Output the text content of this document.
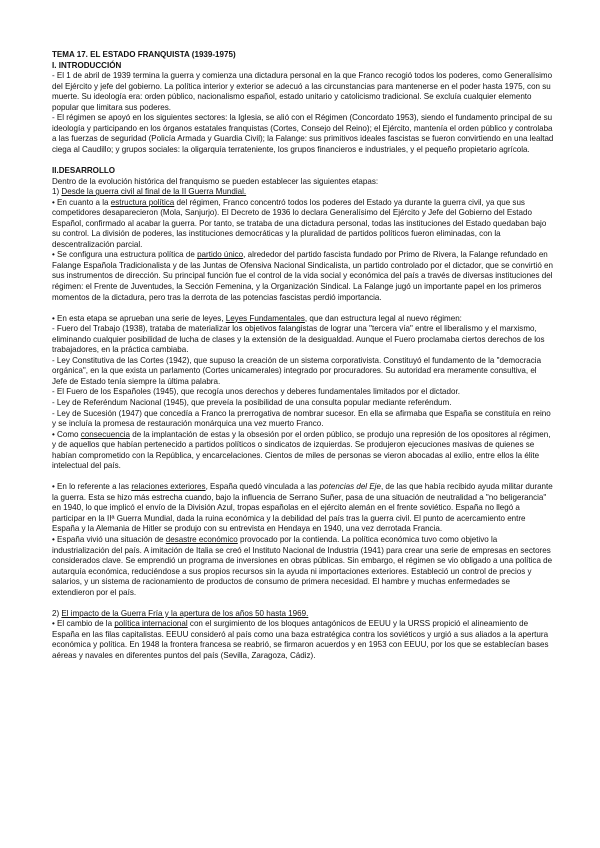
TEMA 17. EL ESTADO FRANQUISTA (1939-1975)

I. INTRODUCCIÓN

- El 1 de abril de 1939 termina la guerra y comienza una dictadura personal en la que Franco recogió todos los poderes, como Generalísimo del Ejército y jefe del gobierno. La política interior y exterior se adecuó a las circunstancias para mantenerse en el poder hasta 1975, con su muerte. Su ideología era: orden público, nacionalismo español, estado unitario y catolicismo tradicional. Se excluía cualquier elemento popular que limitara sus poderes.

- El régimen se apoyó en los siguientes sectores: la Iglesia, se alió con el Régimen (Concordato 1953), siendo el fundamento principal de su ideología y participando en los órganos estatales franquistas (Cortes, Consejo del Reino); el Ejército, mantenía el orden público y controlaba a las fuerzas de seguridad (Policía Armada y Guardia Civil); la Falange: sus primitivos ideales fascistas se fueron convirtiendo en una lealtad ciega al Caudillo; y grupos sociales: la oligarquía terrateniente, los grupos financieros e industriales, y el pequeño propietario agrícola.

II.DESARROLLO

Dentro de la evolución histórica del franquismo se pueden establecer las siguientes etapas:

1) Desde la guerra civil al final de la II Guerra Mundial.

• En cuanto a la estructura política del régimen, Franco concentró todos los poderes del Estado ya durante la guerra civil, ya que sus competidores desaparecieron (Mola, Sanjurjo). El Decreto de 1936 lo declara Generalísimo del Ejército y Jefe del Gobierno del Estado Español, confirmado al acabar la guerra. Por tanto, se trataba de una dictadura personal, todas las instituciones del Estado quedaban bajo su control. La división de poderes, las instituciones democráticas y la pluralidad de partidos políticos fueron eliminadas, con la descentralización parcial.

• Se configura una estructura política de partido único, alrededor del partido fascista fundado por Primo de Rivera, la Falange refundado en Falange Española Tradicionalista y de las Juntas de Ofensiva Nacional Sindicalista, un partido controlado por el dictador, que se convirtió en sus instrumentos de dirección. Su principal función fue el control de la vida social y económica del país a través de diversas instituciones del régimen: el Frente de Juventudes, la Sección Femenina, y la Organización Sindical. La Falange jugó un importante papel en los primeros momentos de la dictadura, pero tras la derrota de las potencias fascistas perdió importancia.

• En esta etapa se aprueban una serie de leyes, Leyes Fundamentales, que dan estructura legal al nuevo régimen:

- Fuero del Trabajo (1938), trataba de materializar los objetivos falangistas de lograr una "tercera vía" entre el liberalismo y el marxismo, eliminando cualquier posibilidad de lucha de clases y la extensión de la desigualdad. Aunque el Fuero proclamaba ciertos derechos de los trabajadores, en la práctica cambiaba.

- Ley Constitutiva de las Cortes (1942), que supuso la creación de un sistema corporativista. Constituyó el fundamento de la "democracia orgánica", en la que exista un parlamento (Cortes unicamerales) integrado por procuradores. Su autoridad era meramente consultiva, el Jefe de Estado tenía siempre la última palabra.

- El Fuero de los Españoles (1945), que recogía unos derechos y deberes fundamentales limitados por el dictador.

- Ley de Referéndum Nacional (1945), que preveía la posibilidad de una consulta popular mediante referéndum.

- Ley de Sucesión (1947) que concedía a Franco la prerrogativa de nombrar sucesor. En ella se afirmaba que España se constituía en reino y se incluía la promesa de restauración monárquica una vez muerto Franco.

• Como consecuencia de la implantación de estas y la obsesión por el orden público, se produjo una represión de los opositores al régimen, y de aquellos que habían pertenecido a partidos políticos o sindicatos de izquierdas. Se produjeron ejecuciones masivas de quienes se habían comprometido con la República, y encarcelaciones. Cientos de miles de personas se vieron abocadas al exilio, entre ellos la élite intelectual del país.

• En lo referente a las relaciones exteriores, España quedó vinculada a las potencias del Eje, de las que había recibido ayuda militar durante la guerra. Esta se hizo más estrecha cuando, bajo la influencia de Serrano Suñer, pasa de una situación de neutralidad a "no beligerancia" en 1940, lo que implicó el envío de la División Azul, tropas españolas en el ejército alemán en el frente soviético. España no llegó a participar en la IIª Guerra Mundial, dada la ruina económica y la debilidad del país tras la guerra civil. El punto de acercamiento entre España y la Alemania de Hitler se produjo con su entrevista en Hendaya en 1940, una vez derrotada Francia.

• España vivió una situación de desastre económico provocado por la contienda. La política económica tuvo como objetivo la industrialización del país. A imitación de Italia se creó el Instituto Nacional de Industria (1941) para crear una serie de empresas en sectores considerados clave. Se emprendió un programa de inversiones en obras públicas. Sin embargo, el régimen se vio obligado a una política de autarquía económica, reduciéndose a sus propios recursos sin la ayuda ni importaciones exteriores. Estableció un control de precios y salarios, y un sistema de racionamiento de productos de consumo de primera necesidad. El hambre y muchas enfermedades se extendieron por el país.

2) El impacto de la Guerra Fría y la apertura de los años 50 hasta 1969.

• El cambio de la política internacional con el surgimiento de los bloques antagónicos de EEUU y la URSS propició el alineamiento de España en las filas capitalistas. EEUU consideró al país como una baza estratégica contra los soviéticos y urgió a sus aliados a la apertura económica y política. En 1948 la frontera francesa se reabrió, se firmaron acuerdos y en 1953 con EEUU, por los que se establecían bases aéreas y navales en diferentes puntos del país (Sevilla, Zaragoza, Cádiz).
